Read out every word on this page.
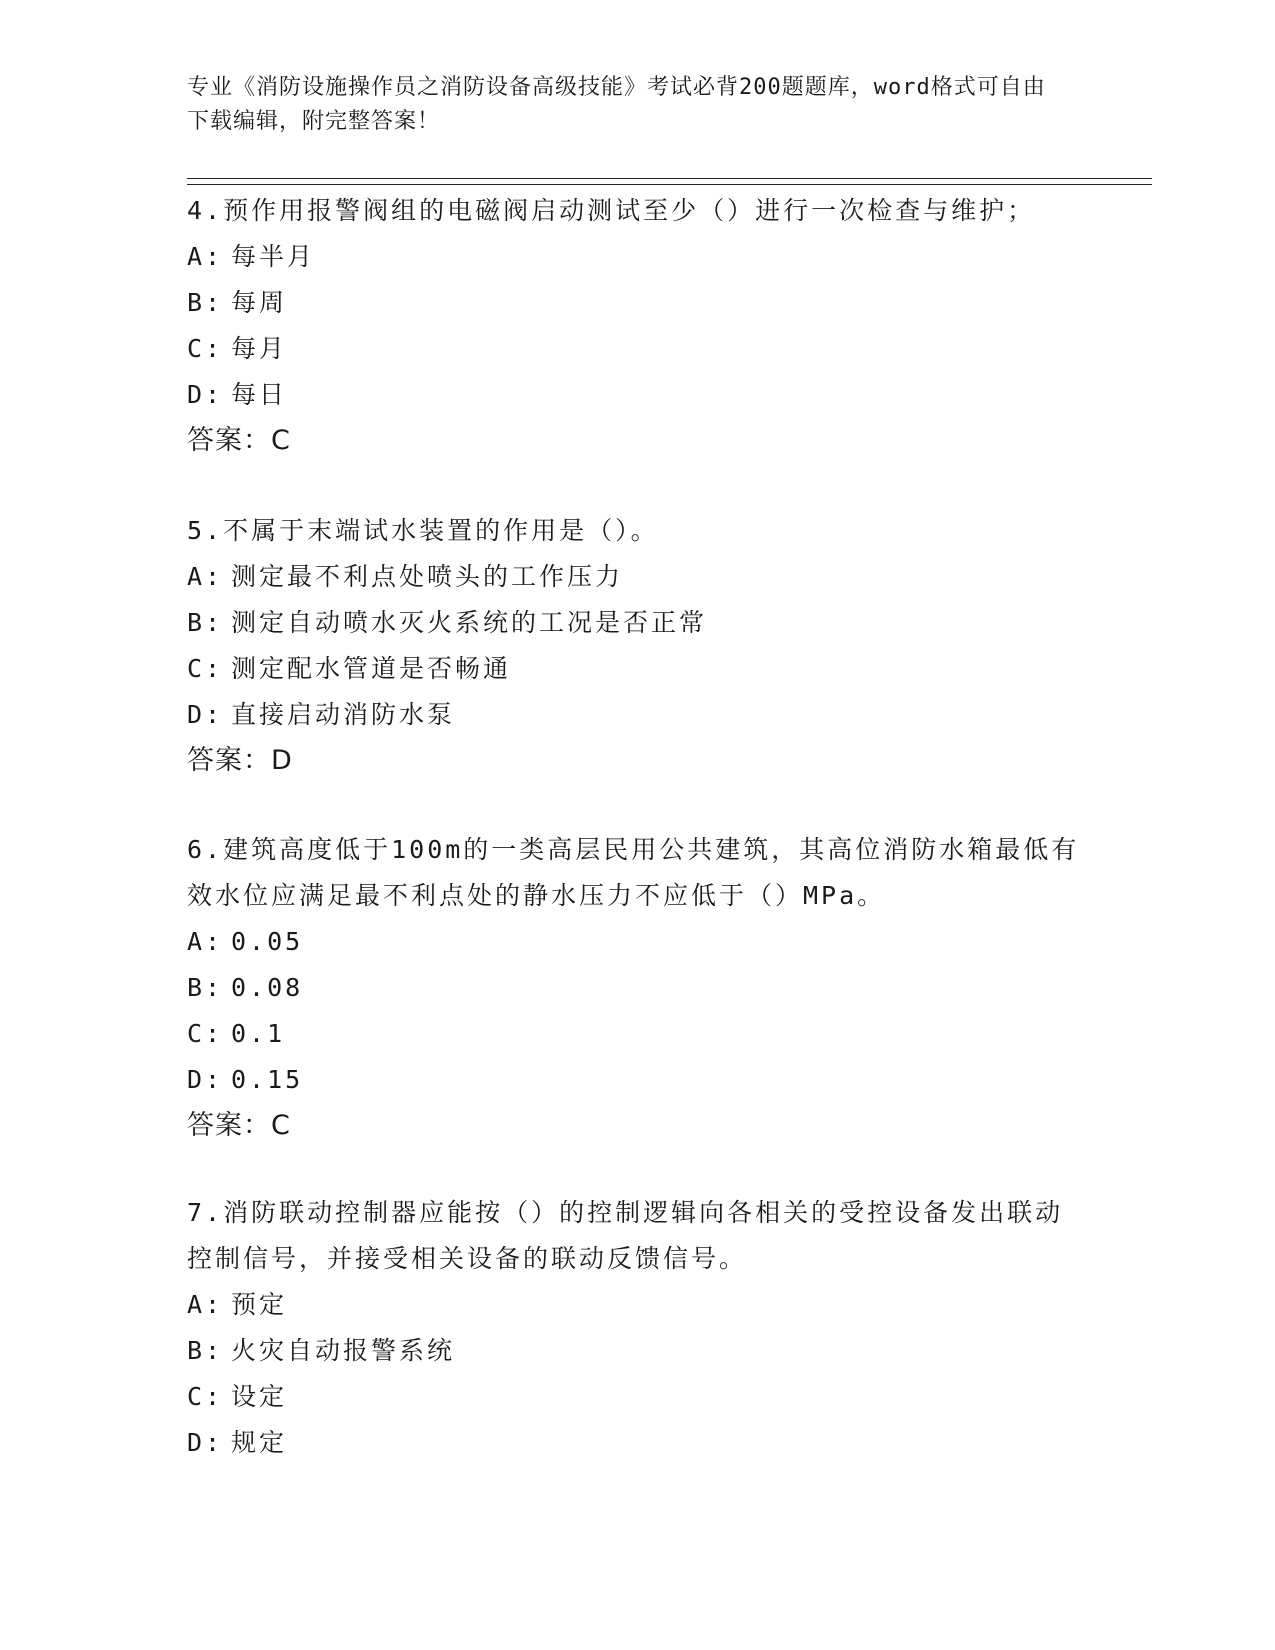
专业《消防设施操作员之消防设备高级技能》考试必背200题题库，word格式可自由下载编辑，附完整答案！
4.预作用报警阀组的电磁阀启动测试至少（）进行一次检查与维护；
A: 每半月
B: 每周
C: 每月
D: 每日
答案：C
5.不属于末端试水装置的作用是（）。
A: 测定最不利点处喷头的工作压力
B: 测定自动喷水灭火系统的工况是否正常
C: 测定配水管道是否畅通
D: 直接启动消防水泵
答案：D
6.建筑高度低于100m的一类高层民用公共建筑，其高位消防水箱最低有效水位应满足最不利点处的静水压力不应低于（）MPa。
A: 0.05
B: 0.08
C: 0.1
D: 0.15
答案：C
7.消防联动控制器应能按（）的控制逻辑向各相关的受控设备发出联动控制信号，并接受相关设备的联动反馈信号。
A: 预定
B: 火灾自动报警系统
C: 设定
D: 规定
